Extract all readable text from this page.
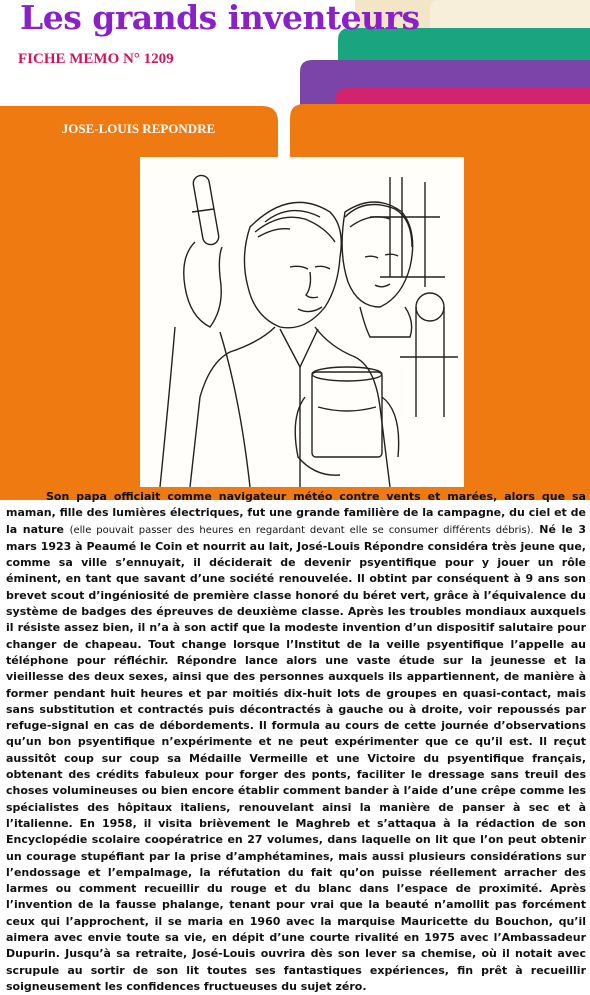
Les grands inventeurs
FICHE MEMO N° 1209
JOSE-LOUIS REPONDRE

Son papa officiait comme navigateur météo contre vents et marées, alors que sa maman, fille des lumières électriques, fut une grande familière de la campagne, du ciel et de la nature (elle pouvait passer des heures en regardant devant elle se consumer différents débris). Né le 3 mars 1923 à Peaumé le Coin et nourrit au lait, José-Louis Répondre considéra très jeune que, comme sa ville s’ennuyait, il déciderait de devenir psyentifique pour y jouer un rôle éminent, en tant que savant d’une société renouvelée. Il obtint par conséquent à 9 ans son brevet scout d’ingéniosité de première classe honoré du béret vert, grâce à l’équivalence du système de badges des épreuves de deuxième classe. Après les troubles mondiaux auxquels il résiste assez bien, il n’a à son actif que la modeste invention d’un dispositif salutaire pour changer de chapeau. Tout change lorsque l’Institut de la veille psyentifique l’appelle au téléphone pour réfléchir. Répondre lance alors une vaste étude sur la jeunesse et la vieillesse des deux sexes, ainsi que des personnes auxquels ils appartiennent, de manière à former pendant huit heures et par moitiés dix-huit lots de groupes en quasi-contact, mais sans substitution et contractés puis décontractés à gauche ou à droite, voir repoussés par refuge-signal en cas de débordements. Il formula au cours de cette journée d’observations qu’un bon psyentifique n’expérimente et ne peut expérimenter que ce qu’il est. Il reçut aussitôt coup sur coup sa Médaille Vermeille et une Victoire du psyentifique français, obtenant des crédits fabuleux pour forger des ponts, faciliter le dressage sans treuil des choses volumineuses ou bien encore établir comment bander à l’aide d’une crêpe comme les spécialistes des hôpitaux italiens, renouvelant ainsi la manière de panser à sec et à l’italienne. En 1958, il visita brièvement le Maghreb et s’attaqua à la rédaction de son Encyclopédie scolaire coopératrice en 27 volumes, dans laquelle on lit que l’on peut obtenir un courage stupéfiant par la prise d’amphétamines, mais aussi plusieurs considérations sur l’endossage et l’empalmage, la réfutation du fait qu’on puisse réellement arracher des larmes ou comment recueillir du rouge et du blanc dans l’espace de proximité. Après l’invention de la fausse phalange, tenant pour vrai que la beauté n’amollit pas forcément ceux qui l’approchent, il se maria en 1960 avec la marquise Mauricette du Bouchon, qu’il aimera avec envie toute sa vie, en dépit d’une courte rivalité en 1975 avec l’Ambassadeur Dupurin. Jusqu’à sa retraite, José-Louis ouvrira dès son lever sa chemise, où il notait avec scrupule au sortir de son lit toutes ses fantastiques expériences, fin prêt à recueillir soigneusement les confidences fructueuses du sujet zéro.
